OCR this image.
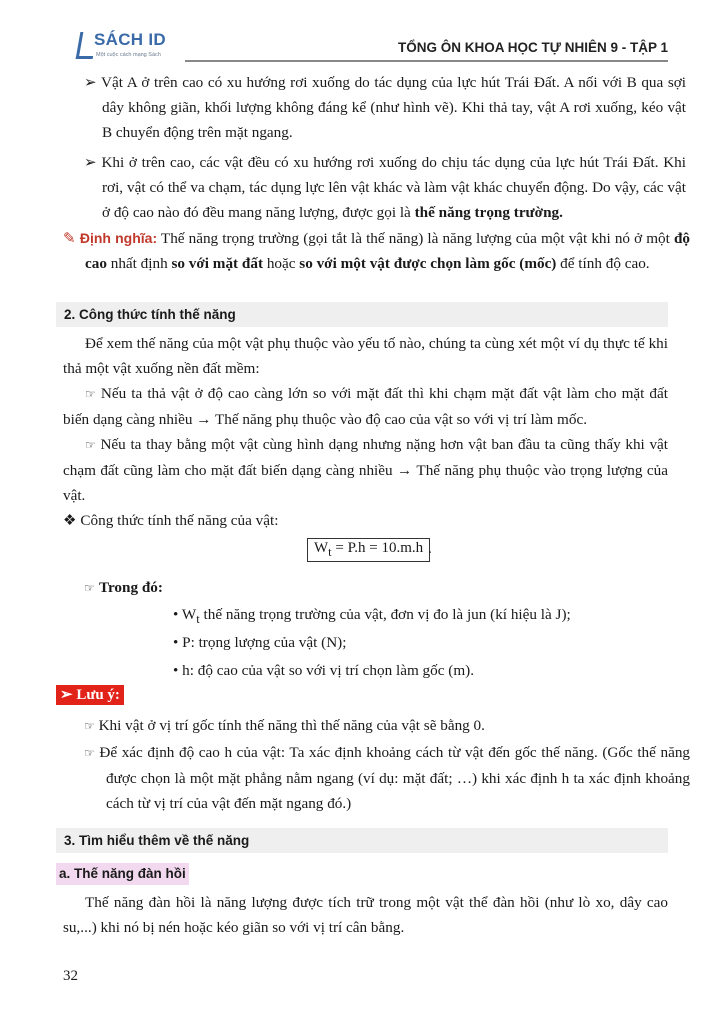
SÁCH ID
Một cuộc cách mạng Sách	TỔNG ÔN KHOA HỌC TỰ NHIÊN 9 - TẬP 1
➢ Vật A ở trên cao có xu hướng rơi xuống do tác dụng của lực hút Trái Đất. A nối với B qua sợi dây không giãn, khối lượng không đáng kể (như hình vẽ). Khi thả tay, vật A rơi xuống, kéo vật B chuyển động trên mặt ngang.
➢ Khi ở trên cao, các vật đều có xu hướng rơi xuống do chịu tác dụng của lực hút Trái Đất. Khi rơi, vật có thể va chạm, tác dụng lực lên vật khác và làm vật khác chuyển động. Do vậy, các vật ở độ cao nào đó đều mang năng lượng, được gọi là thế năng trọng trường.
✎ Định nghĩa: Thế năng trọng trường (gọi tắt là thế năng) là năng lượng của một vật khi nó ở một độ cao nhất định so với mặt đất hoặc so với một vật được chọn làm gốc (mốc) để tính độ cao.
2. Công thức tính thế năng
Để xem thế năng của một vật phụ thuộc vào yếu tố nào, chúng ta cùng xét một ví dụ thực tế khi thả một vật xuống nền đất mềm:
☞ Nếu ta thả vật ở độ cao càng lớn so với mặt đất thì khi chạm mặt đất vật làm cho mặt đất biến dạng càng nhiều → Thế năng phụ thuộc vào độ cao của vật so với vị trí làm mốc.
☞ Nếu ta thay bằng một vật cùng hình dạng nhưng nặng hơn vật ban đầu ta cũng thấy khi vật chạm đất cũng làm cho mặt đất biến dạng càng nhiều → Thế năng phụ thuộc vào trọng lượng của vật.
❖ Công thức tính thế năng của vật:
$W_t = P.h = 10.m.h$ .
☞ Trong đó:
• $W_t$ thế năng trọng trường của vật, đơn vị đo là jun (kí hiệu là J);
• P: trọng lượng của vật (N);
• h: độ cao của vật so với vị trí chọn làm gốc (m).
➢ Lưu ý:
☞ Khi vật ở vị trí gốc tính thế năng thì thế năng của vật sẽ bằng 0.
☞ Để xác định độ cao h của vật: Ta xác định khoảng cách từ vật đến gốc thế năng. (Gốc thế năng được chọn là một mặt phẳng nằm ngang (ví dụ: mặt đất; …) khi xác định h ta xác định khoảng cách từ vị trí của vật đến mặt ngang đó.)
3. Tìm hiểu thêm về thế năng
a. Thế năng đàn hồi
Thế năng đàn hồi là năng lượng được tích trữ trong một vật thể đàn hồi (như lò xo, dây cao su,...) khi nó bị nén hoặc kéo giãn so với vị trí cân bằng.
32
